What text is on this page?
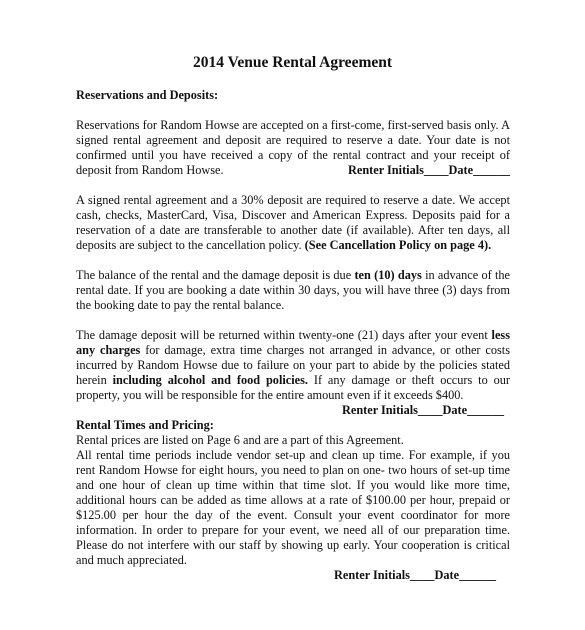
2014 Venue Rental Agreement
Reservations and Deposits:

Reservations for Random Howse are accepted on a first-come, first-served basis only. A signed rental agreement and deposit are required to reserve a date. Your date is not confirmed until you have received a copy of the rental contract and your receipt of deposit from Random Howse.	Renter Initials____Date______

A signed rental agreement and a 30% deposit are required to reserve a date. We accept cash, checks, MasterCard, Visa, Discover and American Express. Deposits paid for a reservation of a date are transferable to another date (if available). After ten days, all deposits are subject to the cancellation policy. (See Cancellation Policy on page 4).

The balance of the rental and the damage deposit is due ten (10) days in advance of the rental date. If you are booking a date within 30 days, you will have three (3) days from the booking date to pay the rental balance.

The damage deposit will be returned within twenty-one (21) days after your event less any charges for damage, extra time charges not arranged in advance, or other costs incurred by Random Howse due to failure on your part to abide by the policies stated herein including alcohol and food policies. If any damage or theft occurs to our property, you will be responsible for the entire amount even if it exceeds $400.

Renter Initials____Date______
Rental Times and Pricing:

Rental prices are listed on Page 6 and are a part of this Agreement.

All rental time periods include vendor set-up and clean up time. For example, if you rent Random Howse for eight hours, you need to plan on one- two hours of set-up time and one hour of clean up time within that time slot. If you would like more time, additional hours can be added as time allows at a rate of $100.00 per hour, prepaid or $125.00 per hour the day of the event. Consult your event coordinator for more information. In order to prepare for your event, we need all of our preparation time. Please do not interfere with our staff by showing up early. Your cooperation is critical and much appreciated.

Renter Initials____Date______
